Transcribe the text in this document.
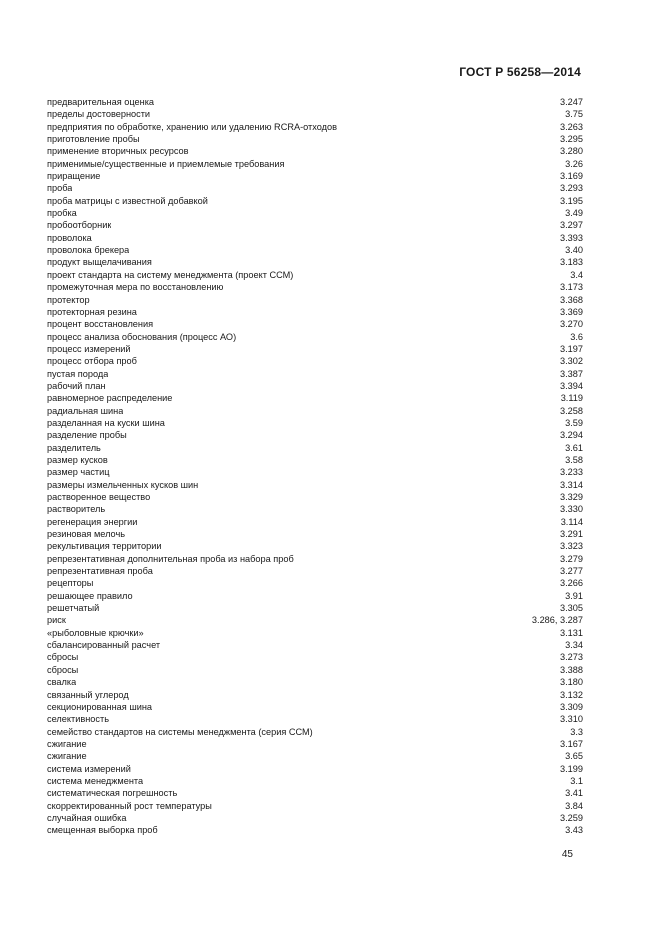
ГОСТ Р 56258—2014
предварительная оценка	3.247
пределы достоверности	3.75
предприятия по обработке, хранению или удалению RCRA-отходов	3.263
приготовление пробы	3.295
применение вторичных ресурсов	3.280
применимые/существенные и приемлемые требования	3.26
приращение	3.169
проба	3.293
проба матрицы с известной добавкой	3.195
пробка	3.49
пробоотборник	3.297
проволока	3.393
проволока брекера	3.40
продукт выщелачивания	3.183
проект стандарта на систему менеджмента (проект ССМ)	3.4
промежуточная мера по восстановлению	3.173
протектор	3.368
протекторная резина	3.369
процент восстановления	3.270
процесс анализа обоснования (процесс АО)	3.6
процесс измерений	3.197
процесс отбора проб	3.302
пустая порода	3.387
рабочий план	3.394
равномерное распределение	3.119
радиальная шина	3.258
разделанная на куски шина	3.59
разделение пробы	3.294
разделитель	3.61
размер кусков	3.58
размер частиц	3.233
размеры измельченных кусков шин	3.314
растворенное вещество	3.329
растворитель	3.330
регенерация энергии	3.114
резиновая мелочь	3.291
рекультивация территории	3.323
репрезентативная дополнительная проба из набора проб	3.279
репрезентативная проба	3.277
рецепторы	3.266
решающее правило	3.91
решетчатый	3.305
риск	3.286, 3.287
«рыболовные крючки»	3.131
сбалансированный расчет	3.34
сбросы	3.273
сбросы	3.388
свалка	3.180
связанный углерод	3.132
секционированная шина	3.309
селективность	3.310
семейство стандартов на системы менеджмента (серия ССМ)	3.3
сжигание	3.167
сжигание	3.65
система измерений	3.199
система менеджмента	3.1
систематическая погрешность	3.41
скорректированный рост температуры	3.84
случайная ошибка	3.259
смещенная выборка проб	3.43
45
